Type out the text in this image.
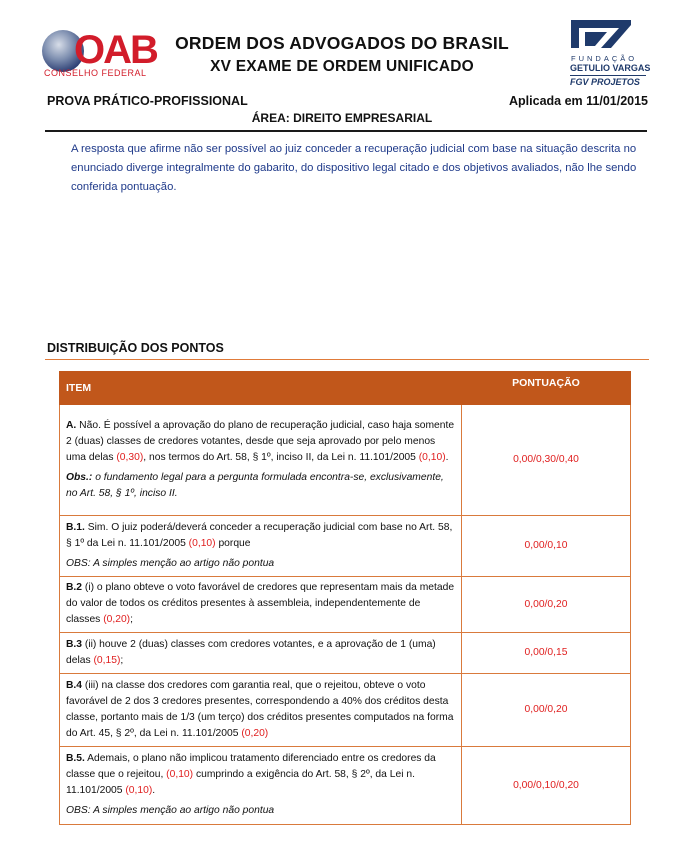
OAB
CONSELHO FEDERAL
ORDEM DOS ADVOGADOS DO BRASIL
XV EXAME DE ORDEM UNIFICADO	FUNDAÇÃO
GETULIO VARGAS
FGV PROJETOS
PROVA PRÁTICO-PROFISSIONAL	Aplicada em 11/01/2015
ÁREA: DIREITO EMPRESARIAL
A resposta que afirme não ser possível ao juiz conceder a recuperação judicial com base na situação descrita no enunciado diverge integralmente do gabarito, do dispositivo legal citado e dos objetivos avaliados, não lhe sendo conferida pontuação.
DISTRIBUIÇÃO DOS PONTOS
ITEM	PONTUAÇÃO

A. Não. É possível a aprovação do plano de recuperação judicial, caso haja somente 2 (duas) classes de credores votantes, desde que seja aprovado por pelo menos uma delas (0,30), nos termos do Art. 58, § 1º, inciso II, da Lei n. 11.101/2005 (0,10).

Obs.: o fundamento legal para a pergunta formulada encontra-se, exclusivamente, no Art. 58, § 1º, inciso II.	0,00/0,30/0,40

B.1. Sim. O juiz poderá/deverá conceder a recuperação judicial com base no Art. 58, § 1º da Lei n. 11.101/2005 (0,10) porque

OBS: A simples menção ao artigo não pontua	0,00/0,10

B.2 (i) o plano obteve o voto favorável de credores que representam mais da metade do valor de todos os créditos presentes à assembleia, independentemente de classes (0,20);	0,00/0,20

B.3 (ii) houve 2 (duas) classes com credores votantes, e a aprovação de 1 (uma) delas (0,15);	0,00/0,15

B.4 (iii) na classe dos credores com garantia real, que o rejeitou, obteve o voto favorável de 2 dos 3 credores presentes, correspondendo a 40% dos créditos desta classe, portanto mais de 1/3 (um terço) dos créditos presentes computados na forma do Art. 45, § 2º, da Lei n. 11.101/2005 (0,20)	0,00/0,20

B.5. Ademais, o plano não implicou tratamento diferenciado entre os credores da classe que o rejeitou, (0,10) cumprindo a exigência do Art. 58, § 2º, da Lei n. 11.101/2005 (0,10).

OBS: A simples menção ao artigo não pontua	0,00/0,10/0,20
